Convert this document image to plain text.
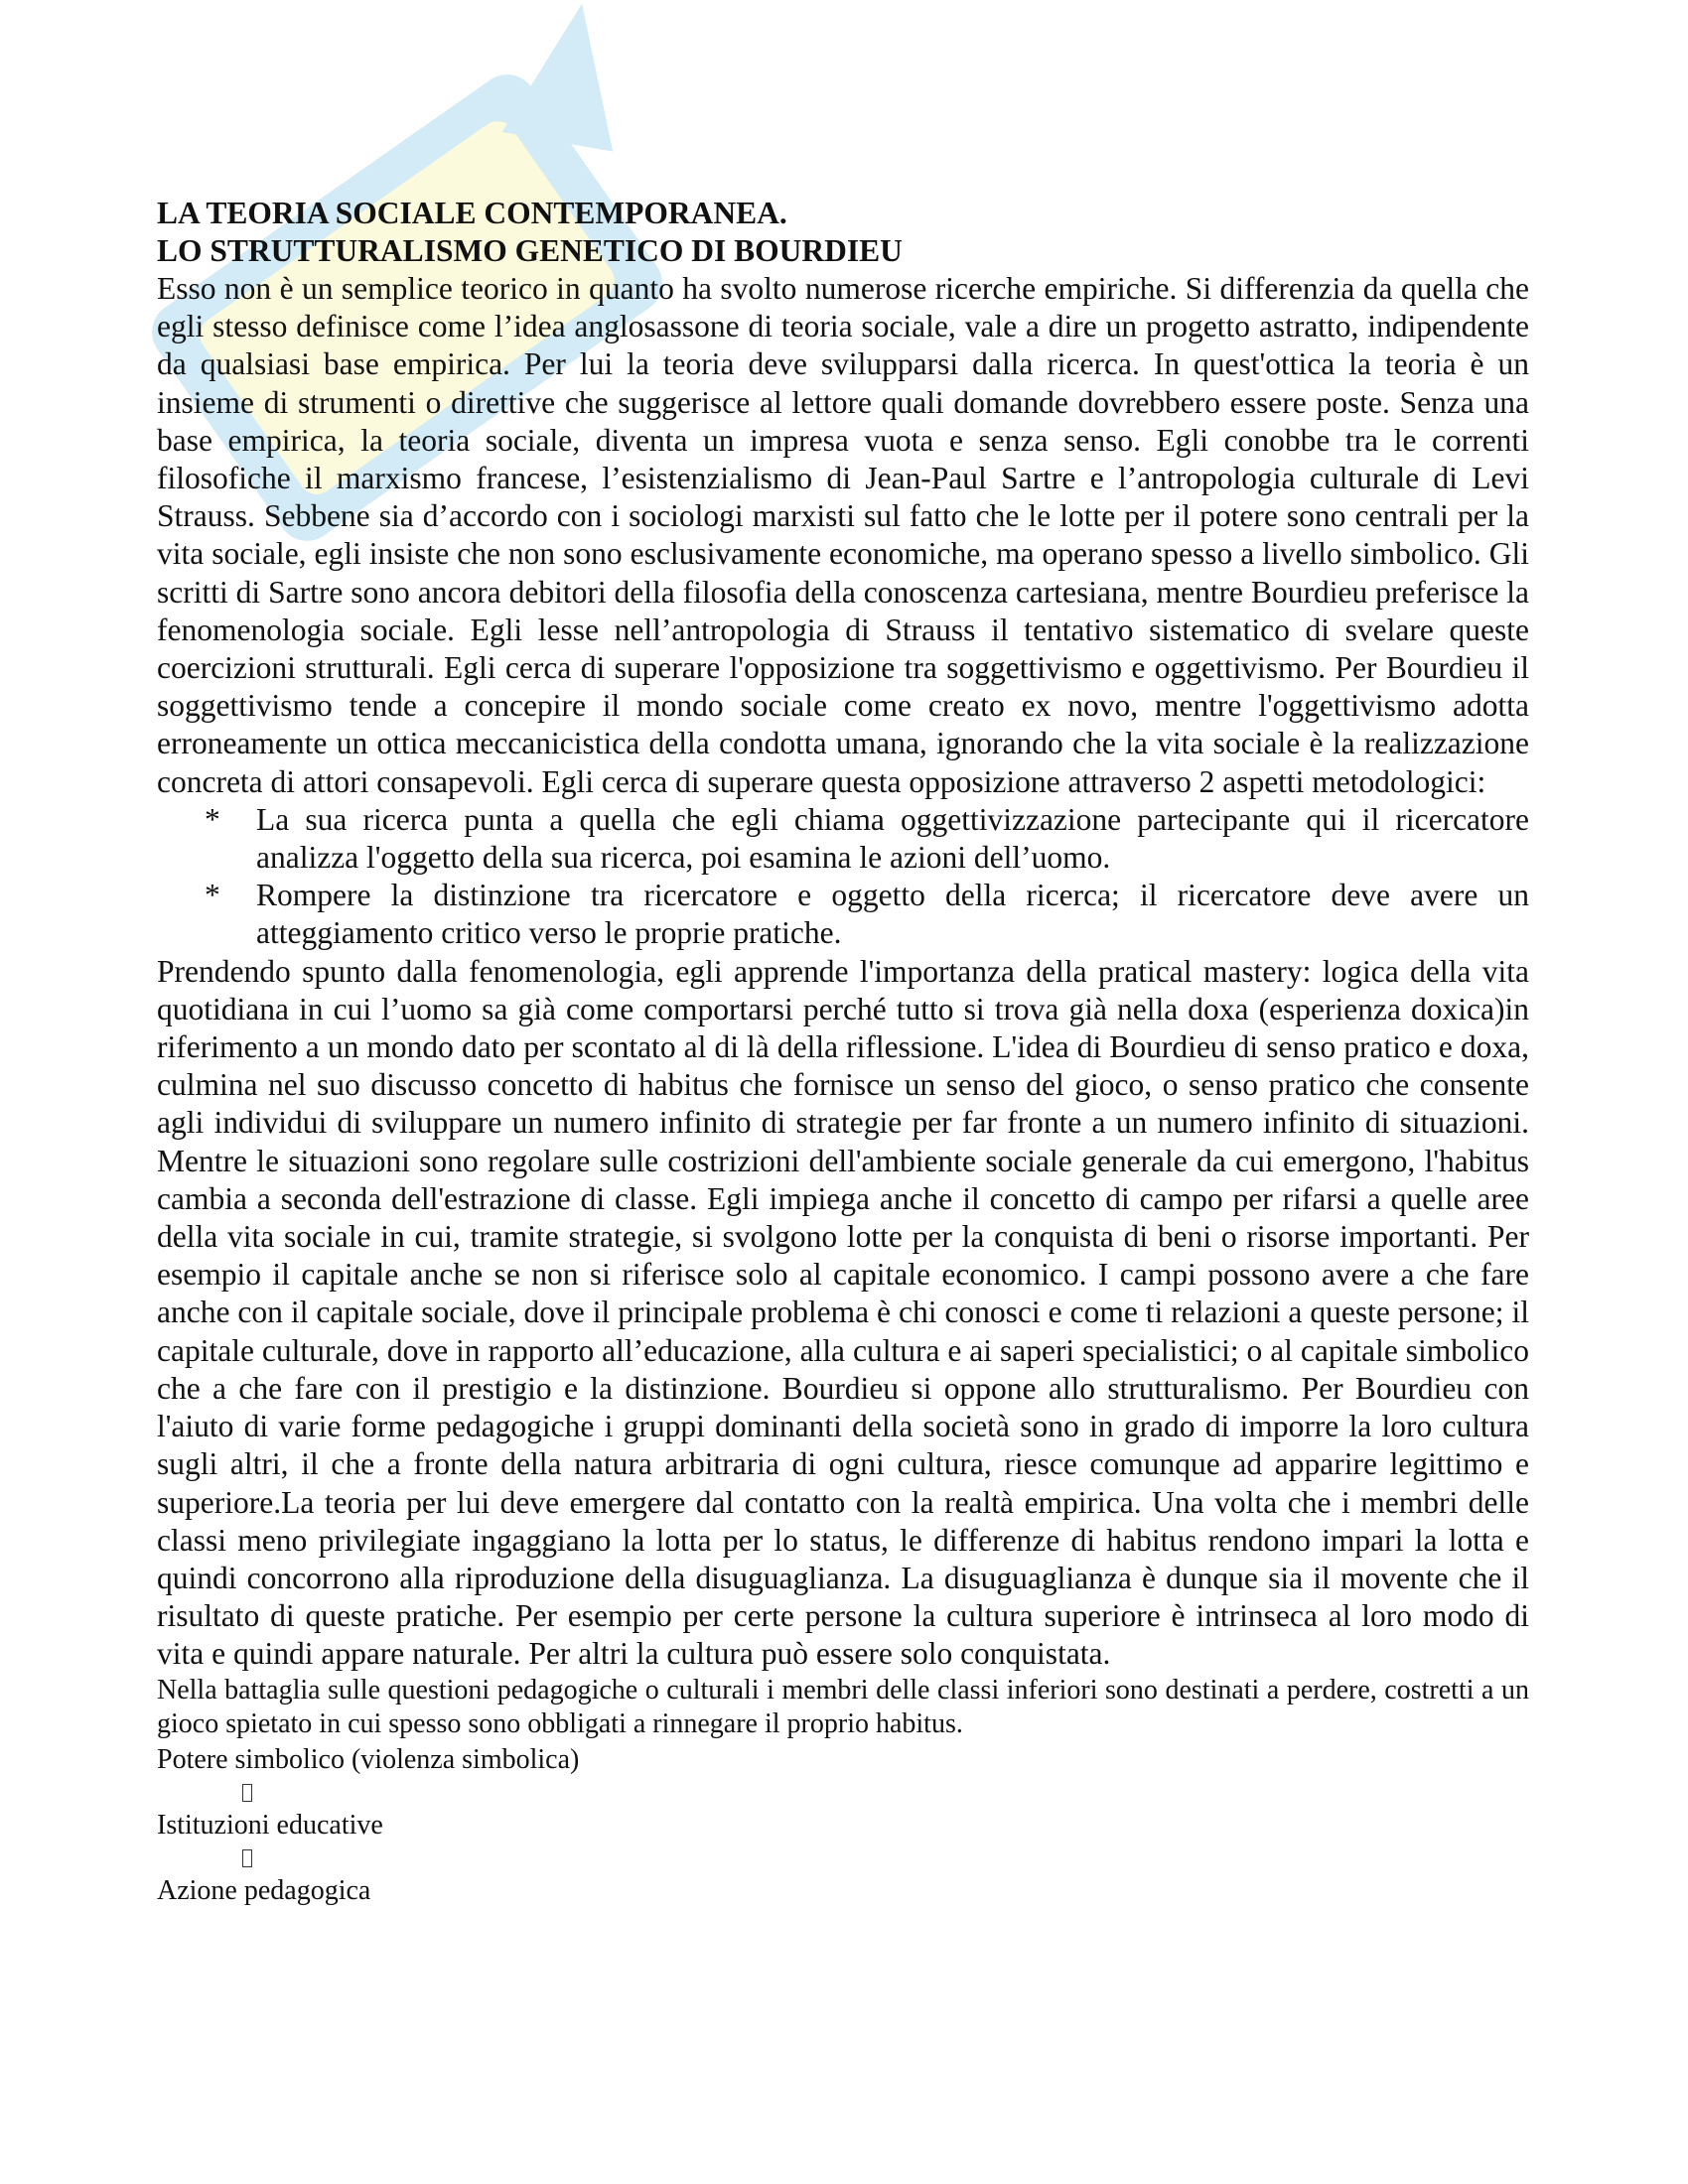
LA TEORIA SOCIALE CONTEMPORANEA.

LO STRUTTURALISMO GENETICO DI BOURDIEU

Esso non è un semplice teorico in quanto ha svolto numerose ricerche empiriche. Si differenzia da quella che egli stesso definisce come l’idea anglosassone di teoria sociale, vale a dire un progetto astratto, indipendente da qualsiasi base empirica. Per lui la teoria deve svilupparsi dalla ricerca. In quest'ottica la teoria è un insieme di strumenti o direttive che suggerisce al lettore quali domande dovrebbero essere poste. Senza una base empirica, la teoria sociale, diventa un impresa vuota e senza senso. Egli conobbe tra le correnti filosofiche il marxismo francese, l’esistenzialismo di Jean-Paul Sartre e l’antropologia culturale di Levi Strauss. Sebbene sia d’accordo con i sociologi marxisti sul fatto che le lotte per il potere sono centrali per la vita sociale, egli insiste che non sono esclusivamente economiche, ma operano spesso a livello simbolico. Gli scritti di Sartre sono ancora debitori della filosofia della conoscenza cartesiana, mentre Bourdieu preferisce la fenomenologia sociale. Egli lesse nell’antropologia di Strauss il tentativo sistematico di svelare queste coercizioni strutturali. Egli cerca di superare l'opposizione tra soggettivismo e oggettivismo. Per Bourdieu il soggettivismo tende a concepire il mondo sociale come creato ex novo, mentre l'oggettivismo adotta erroneamente un ottica meccanicistica della condotta umana, ignorando che la vita sociale è la realizzazione concreta di attori consapevoli. Egli cerca di superare questa opposizione attraverso 2 aspetti metodologici:

* La sua ricerca punta a quella che egli chiama oggettivizzazione partecipante qui il ricercatore analizza l'oggetto della sua ricerca, poi esamina le azioni dell’uomo.
* Rompere la distinzione tra ricercatore e oggetto della ricerca; il ricercatore deve avere un atteggiamento critico verso le proprie pratiche.

Prendendo spunto dalla fenomenologia, egli apprende l'importanza della pratical mastery: logica della vita quotidiana in cui l’uomo sa già come comportarsi perché tutto si trova già nella doxa (esperienza doxica)in riferimento a un mondo dato per scontato al di là della riflessione. L'idea di Bourdieu di senso pratico e doxa, culmina nel suo discusso concetto di habitus che fornisce un senso del gioco, o senso pratico che consente agli individui di sviluppare un numero infinito di strategie per far fronte a un numero infinito di situazioni. Mentre le situazioni sono regolare sulle costrizioni dell'ambiente sociale generale da cui emergono, l'habitus cambia a seconda dell'estrazione di classe. Egli impiega anche il concetto di campo per rifarsi a quelle aree della vita sociale in cui, tramite strategie, si svolgono lotte per la conquista di beni o risorse importanti. Per esempio il capitale anche se non si riferisce solo al capitale economico. I campi possono avere a che fare anche con il capitale sociale, dove il principale problema è chi conosci e come ti relazioni a queste persone; il capitale culturale, dove in rapporto all’educazione, alla cultura e ai saperi specialistici; o al capitale simbolico che a che fare con il prestigio e la distinzione. Bourdieu si oppone allo strutturalismo. Per Bourdieu con l'aiuto di varie forme pedagogiche i gruppi dominanti della società sono in grado di imporre la loro cultura sugli altri, il che a fronte della natura arbitraria di ogni cultura, riesce comunque ad apparire legittimo e superiore.La teoria per lui deve emergere dal contatto con la realtà empirica. Una volta che i membri delle classi meno privilegiate ingaggiano la lotta per lo status, le differenze di habitus rendono impari la lotta e quindi concorrono alla riproduzione della disuguaglianza. La disuguaglianza è dunque sia il movente che il risultato di queste pratiche. Per esempio per certe persone la cultura superiore è intrinseca al loro modo di vita e quindi appare naturale. Per altri la cultura può essere solo conquistata.

Nella battaglia sulle questioni pedagogiche o culturali i membri delle classi inferiori sono destinati a perdere, costretti a un gioco spietato in cui spesso sono obbligati a rinnegare il proprio habitus.

Potere simbolico (violenza simbolica)

Istituzioni educative

Azione pedagogica
